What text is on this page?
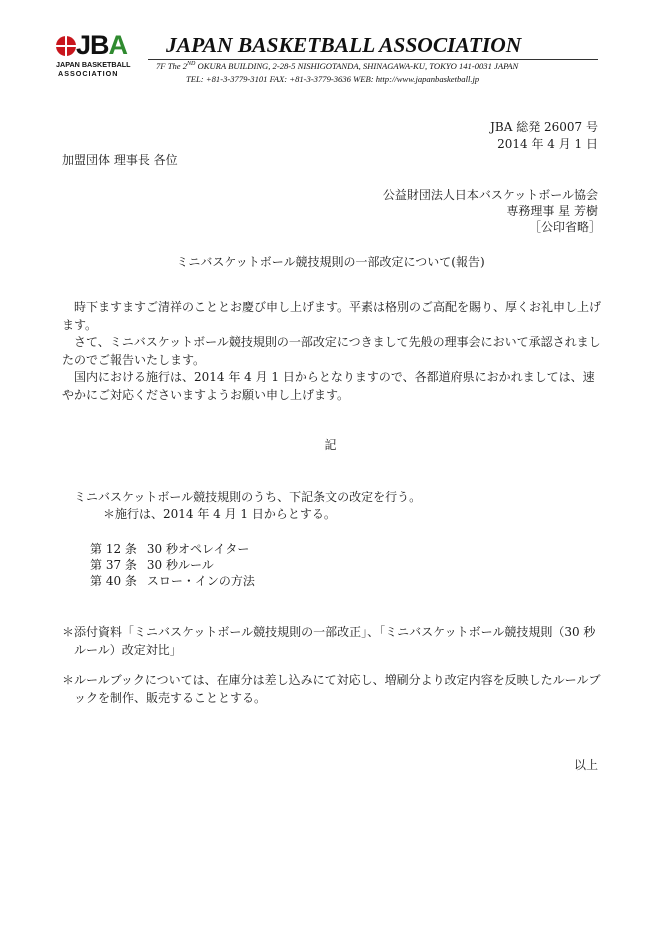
JBA
JAPAN BASKETBALL
ASSOCIATION
JAPAN BASKETBALL ASSOCIATION
7F The 2ND OKURA BUILDING, 2-28-5 NISHIGOTANDA, SHINAGAWA-KU, TOKYO 141-0031 JAPAN
TEL: +81-3-3779-3101 FAX: +81-3-3779-3636 WEB: http://www.japanbasketball.jp
JBA 総発 26007 号
2014 年 4 月 1 日
加盟団体 理事長 各位
公益財団法人日本バスケットボール協会
専務理事 星 芳樹
［公印省略］
ミニバスケットボール競技規則の一部改定について(報告)
時下ますますご清祥のこととお慶び申し上げます。平素は格別のご高配を賜り、厚くお礼申し上げます。
さて、ミニバスケットボール競技規則の一部改定につきまして先般の理事会において承認されましたのでご報告いたします。
国内における施行は、2014 年 4 月 1 日からとなりますので、各都道府県におかれましては、速やかにご対応くださいますようお願い申し上げます。
記
ミニバスケットボール競技規則のうち、下記条文の改定を行う。
＊施行は、2014 年 4 月 1 日からとする。
第 12 条 30 秒オペレイター
第 37 条 30 秒ルール
第 40 条 スロー・インの方法
＊添付資料「ミニバスケットボール競技規則の一部改正」、「ミニバスケットボール競技規則（30 秒ルール）改定対比」
＊ルールブックについては、在庫分は差し込みにて対応し、増刷分より改定内容を反映したルールブックを制作、販売することとする。
以上
